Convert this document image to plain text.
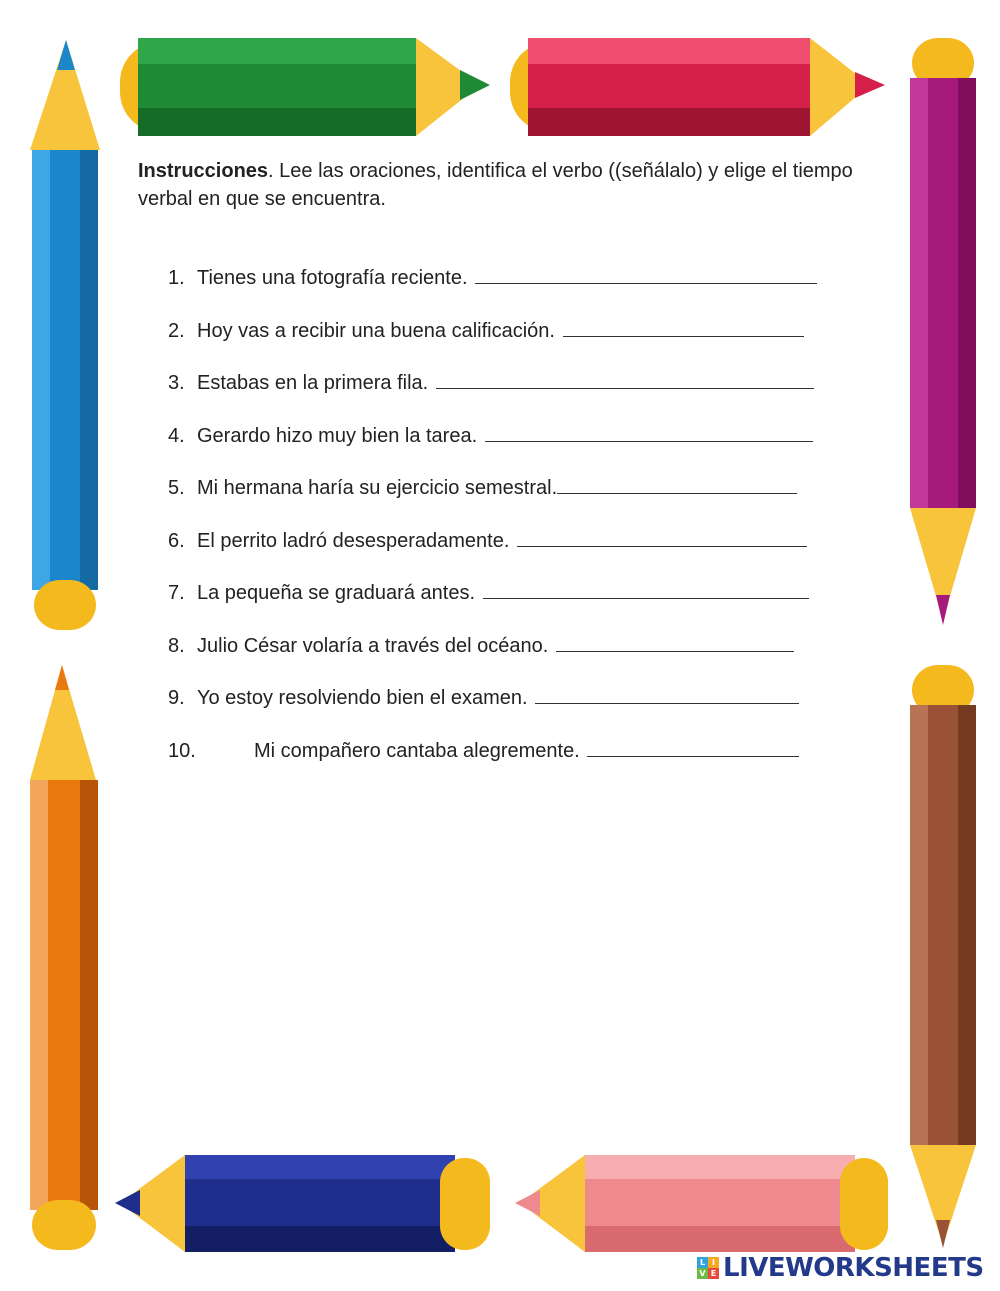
Instrucciones. Lee las oraciones, identifica el verbo ((señálalo) y elige el tiempo verbal en que se encuentra.
1. Tienes una fotografía reciente.
2. Hoy vas a recibir una buena calificación.
3. Estabas en la primera fila.
4. Gerardo hizo muy bien la tarea.
5. Mi hermana haría su ejercicio semestral.
6. El perrito ladró desesperadamente.
7. La pequeña se graduará antes.
8. Julio César volaría a través del océano.
9. Yo estoy resolviendo bien el examen.
10.	Mi compañero cantaba alegremente.
L I
V E LIVEWORKSHEETS
